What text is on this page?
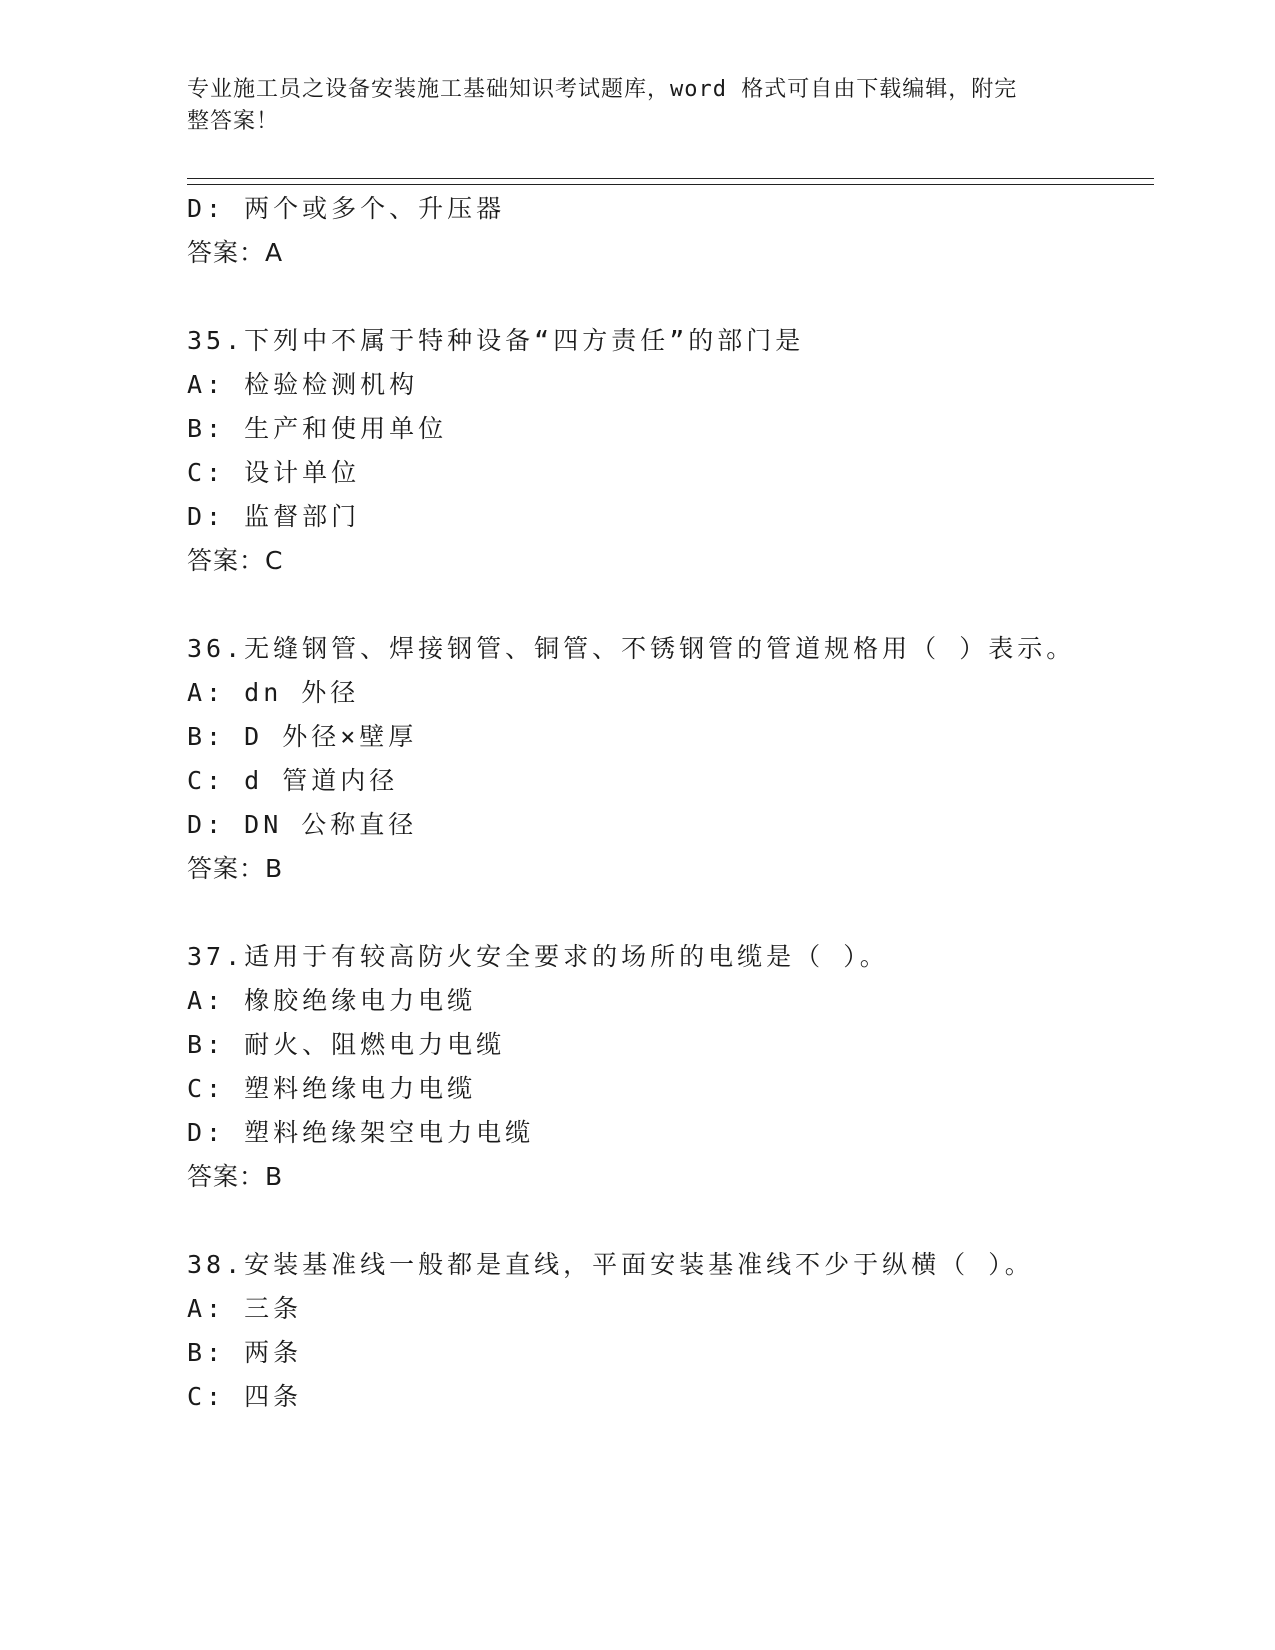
专业施工员之设备安装施工基础知识考试题库，word 格式可自由下载编辑，附完
整答案！
D: 两个或多个、升压器
答案：A
35.下列中不属于特种设备“四方责任”的部门是
A: 检验检测机构
B: 生产和使用单位
C: 设计单位
D: 监督部门
答案：C
36.无缝钢管、焊接钢管、铜管、不锈钢管的管道规格用（ ）表示。
A: dn 外径
B: D 外径×壁厚
C: d 管道内径
D: DN 公称直径
答案：B
37.适用于有较高防火安全要求的场所的电缆是（ ）。
A: 橡胶绝缘电力电缆
B: 耐火、阻燃电力电缆
C: 塑料绝缘电力电缆
D: 塑料绝缘架空电力电缆
答案：B
38.安装基准线一般都是直线，平面安装基准线不少于纵横（ ）。
A: 三条
B: 两条
C: 四条
